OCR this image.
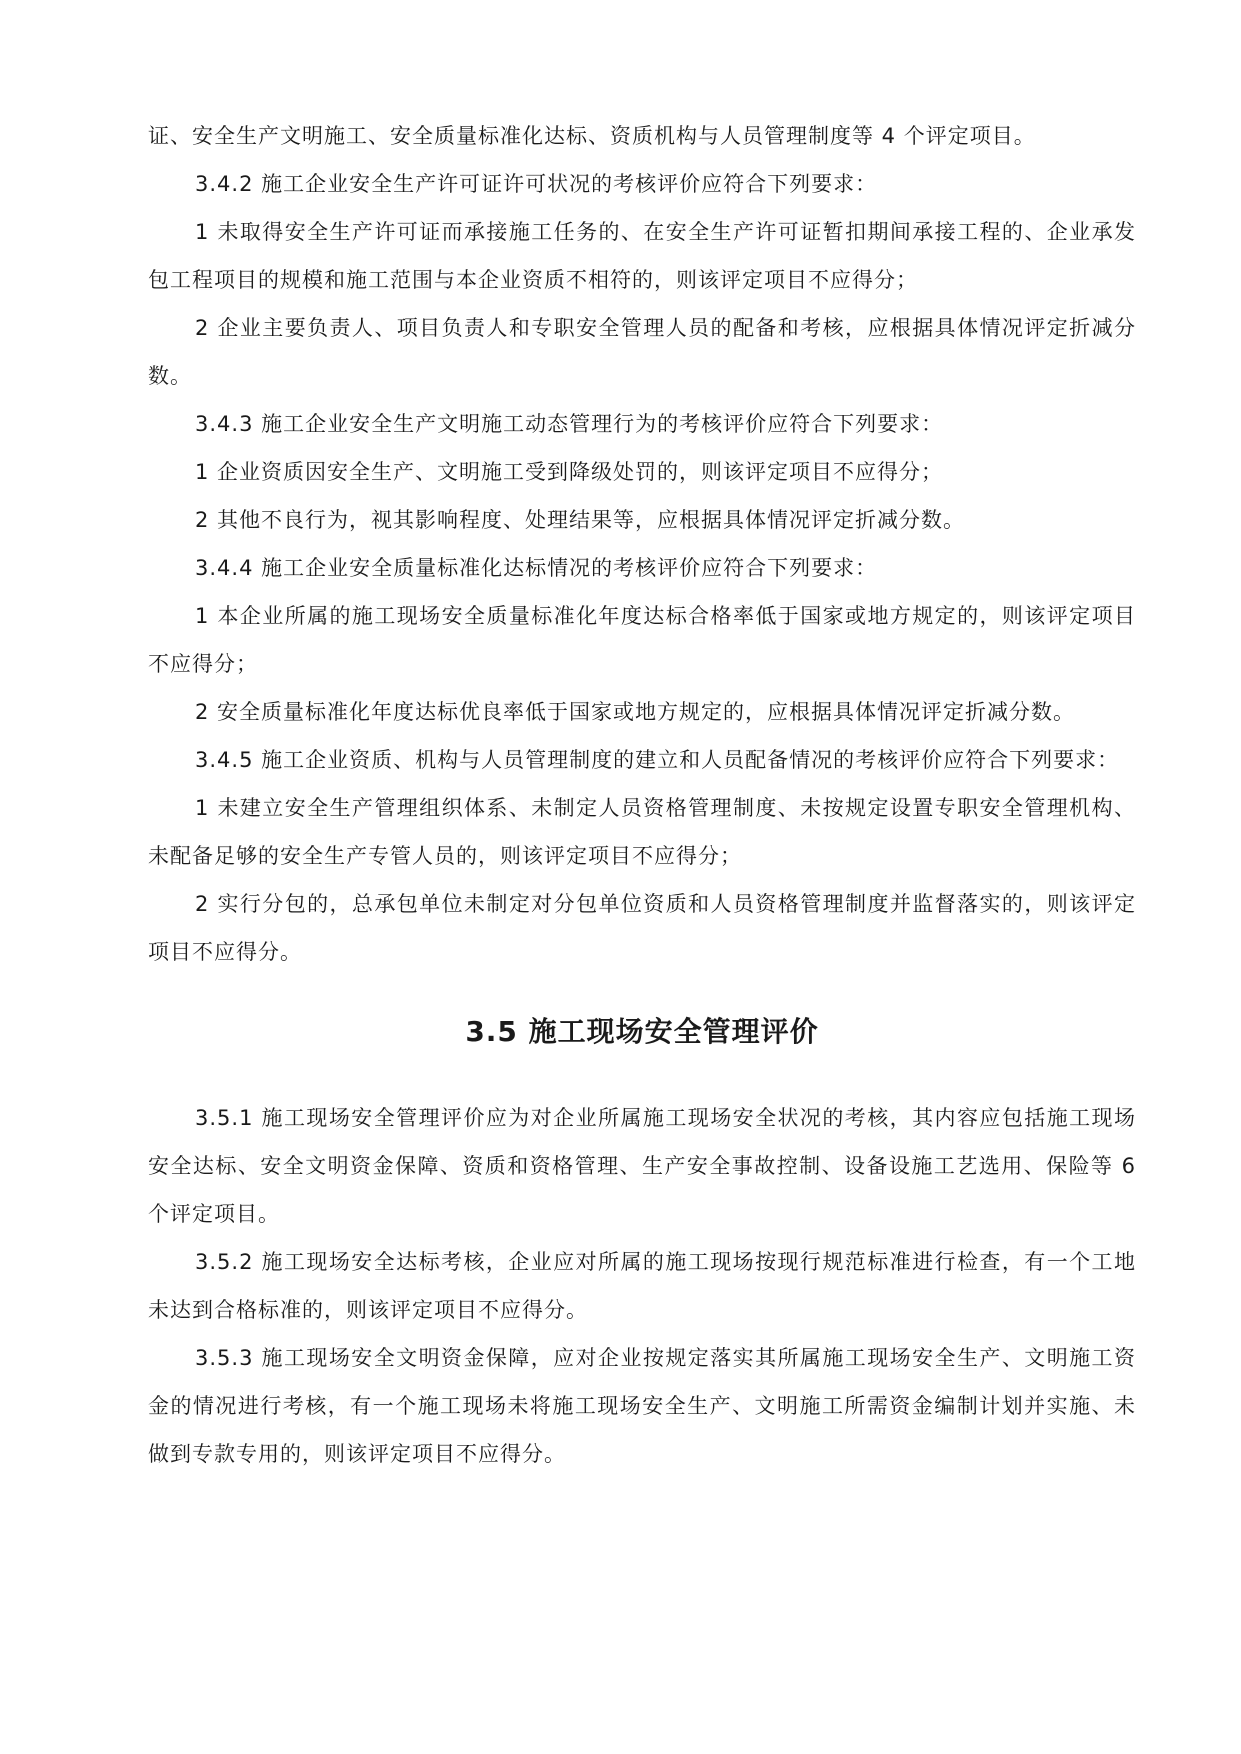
证、安全生产文明施工、安全质量标准化达标、资质机构与人员管理制度等 4 个评定项目。

3.4.2 施工企业安全生产许可证许可状况的考核评价应符合下列要求：

1 未取得安全生产许可证而承接施工任务的、在安全生产许可证暂扣期间承接工程的、企业承发包工程项目的规模和施工范围与本企业资质不相符的，则该评定项目不应得分；

2 企业主要负责人、项目负责人和专职安全管理人员的配备和考核，应根据具体情况评定折减分数。

3.4.3 施工企业安全生产文明施工动态管理行为的考核评价应符合下列要求：

1 企业资质因安全生产、文明施工受到降级处罚的，则该评定项目不应得分；

2 其他不良行为，视其影响程度、处理结果等，应根据具体情况评定折减分数。

3.4.4 施工企业安全质量标准化达标情况的考核评价应符合下列要求：

1 本企业所属的施工现场安全质量标准化年度达标合格率低于国家或地方规定的，则该评定项目不应得分；

2 安全质量标准化年度达标优良率低于国家或地方规定的，应根据具体情况评定折减分数。

3.4.5 施工企业资质、机构与人员管理制度的建立和人员配备情况的考核评价应符合下列要求：

1 未建立安全生产管理组织体系、未制定人员资格管理制度、未按规定设置专职安全管理机构、未配备足够的安全生产专管人员的，则该评定项目不应得分；

2 实行分包的，总承包单位未制定对分包单位资质和人员资格管理制度并监督落实的，则该评定项目不应得分。

3.5 施工现场安全管理评价

3.5.1 施工现场安全管理评价应为对企业所属施工现场安全状况的考核，其内容应包括施工现场安全达标、安全文明资金保障、资质和资格管理、生产安全事故控制、设备设施工艺选用、保险等 6 个评定项目。

3.5.2 施工现场安全达标考核，企业应对所属的施工现场按现行规范标准进行检查，有一个工地未达到合格标准的，则该评定项目不应得分。

3.5.3 施工现场安全文明资金保障，应对企业按规定落实其所属施工现场安全生产、文明施工资金的情况进行考核，有一个施工现场未将施工现场安全生产、文明施工所需资金编制计划并实施、未做到专款专用的，则该评定项目不应得分。
